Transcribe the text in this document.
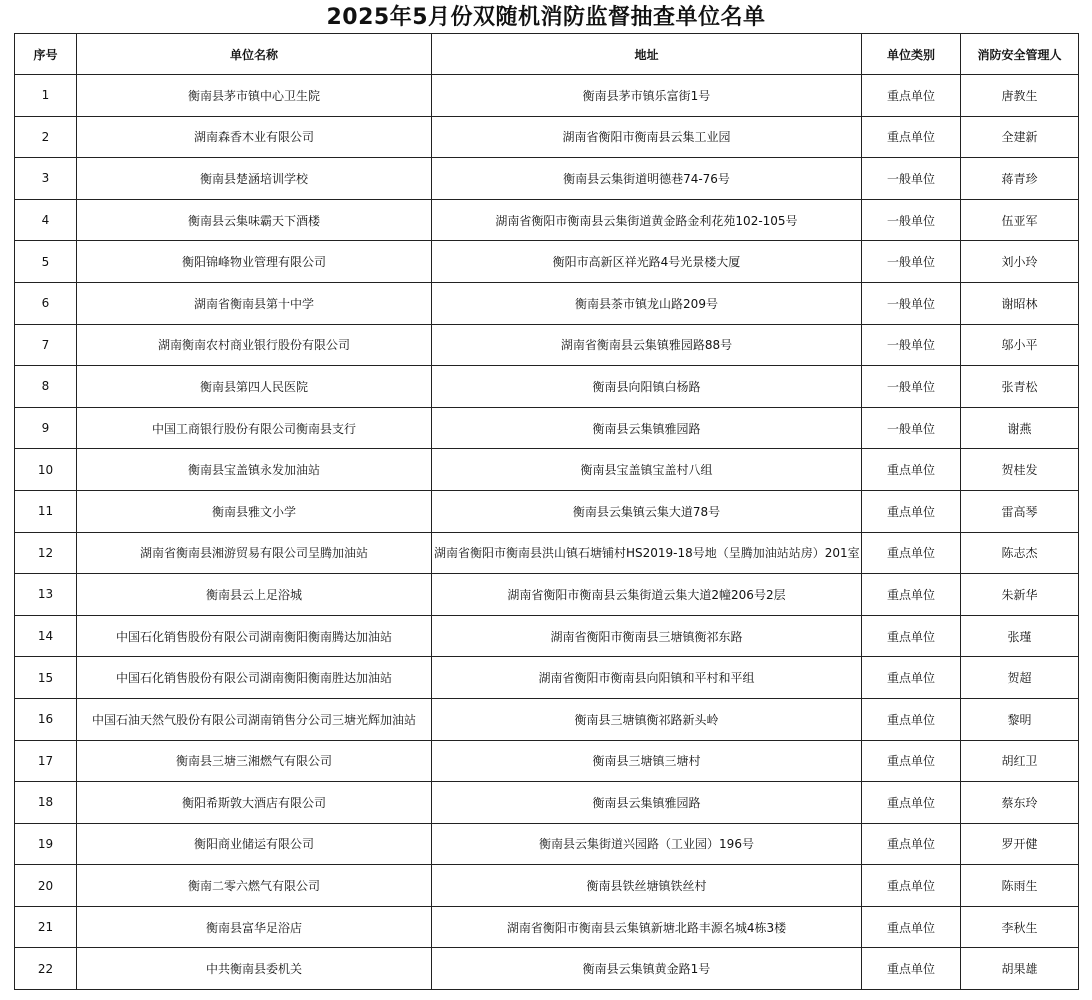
2025年5月份双随机消防监督抽查单位名单
序号	单位名称	地址	单位类别	消防安全管理人
1	衡南县茅市镇中心卫生院	衡南县茅市镇乐富街1号	重点单位	唐教生
2	湖南森香木业有限公司	湖南省衡阳市衡南县云集工业园	重点单位	全建新
3	衡南县楚涵培训学校	衡南县云集街道明德巷74-76号	一般单位	蒋青珍
4	衡南县云集味霸天下酒楼	湖南省衡阳市衡南县云集街道黄金路金利花苑102-105号	一般单位	伍亚军
5	衡阳锦峰物业管理有限公司	衡阳市高新区祥光路4号光景楼大厦	一般单位	刘小玲
6	湖南省衡南县第十中学	衡南县茶市镇龙山路209号	一般单位	谢昭林
7	湖南衡南农村商业银行股份有限公司	湖南省衡南县云集镇雅园路88号	一般单位	邬小平
8	衡南县第四人民医院	衡南县向阳镇白杨路	一般单位	张青松
9	中国工商银行股份有限公司衡南县支行	衡南县云集镇雅园路	一般单位	谢燕
10	衡南县宝盖镇永发加油站	衡南县宝盖镇宝盖村八组	重点单位	贺桂发
11	衡南县雅文小学	衡南县云集镇云集大道78号	重点单位	雷高琴
12	湖南省衡南县湘游贸易有限公司呈腾加油站	湖南省衡阳市衡南县洪山镇石塘铺村HS2019-18号地（呈腾加油站站房）201室	重点单位	陈志杰
13	衡南县云上足浴城	湖南省衡阳市衡南县云集街道云集大道2幢206号2层	重点单位	朱新华
14	中国石化销售股份有限公司湖南衡阳衡南腾达加油站	湖南省衡阳市衡南县三塘镇衡祁东路	重点单位	张瑾
15	中国石化销售股份有限公司湖南衡阳衡南胜达加油站	湖南省衡阳市衡南县向阳镇和平村和平组	重点单位	贺超
16	中国石油天然气股份有限公司湖南销售分公司三塘光辉加油站	衡南县三塘镇衡祁路新头岭	重点单位	黎明
17	衡南县三塘三湘燃气有限公司	衡南县三塘镇三塘村	重点单位	胡红卫
18	衡阳希斯敦大酒店有限公司	衡南县云集镇雅园路	重点单位	蔡东玲
19	衡阳商业储运有限公司	衡南县云集街道兴园路（工业园）196号	重点单位	罗开健
20	衡南二零六燃气有限公司	衡南县铁丝塘镇铁丝村	重点单位	陈雨生
21	衡南县富华足浴店	湖南省衡阳市衡南县云集镇新塘北路丰源名城4栋3楼	重点单位	李秋生
22	中共衡南县委机关	衡南县云集镇黄金路1号	重点单位	胡果雄
